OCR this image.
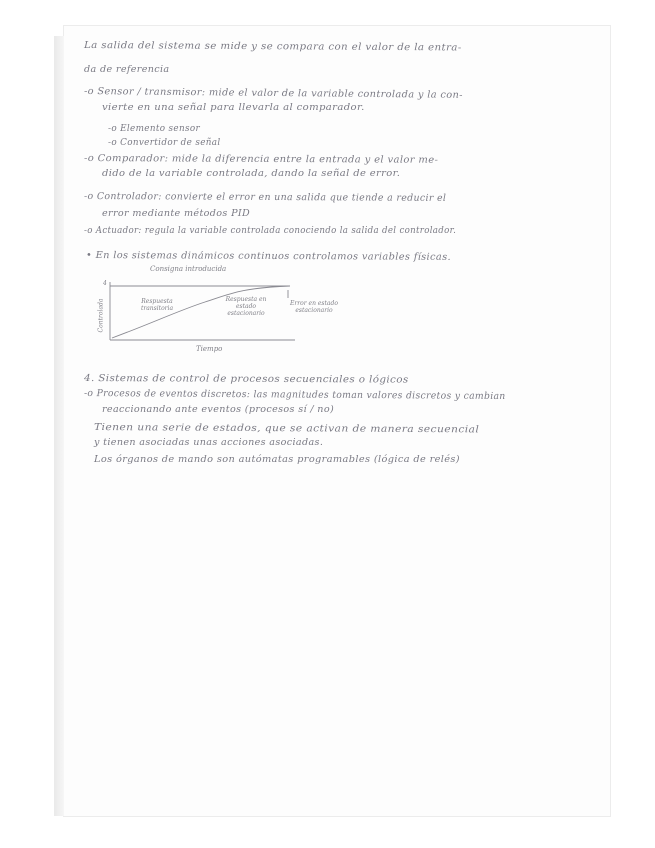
La salida del sistema se mide y se compara con el valor de la entra-
da de referencia
-o Sensor / transmisor: mide el valor de la variable controlada y la con-
vierte en una señal para llevarla al comparador.
-o Elemento sensor
-o Convertidor de señal
-o Comparador: mide la diferencia entre la entrada y el valor me-
dido de la variable controlada, dando la señal de error.
-o Controlador: convierte el error en una salida que tiende a reducir el
error mediante métodos PID
-o Actuador: regula la variable controlada conociendo la salida del controlador.
• En los sistemas dinámicos continuos controlamos variables físicas.
Consigna introducida
4
Controlada	Respuesta transitoria
Respuesta en estado estacionario
Error en estado estacionario
Tiempo
4. Sistemas de control de procesos secuenciales o lógicos
-o Procesos de eventos discretos: las magnitudes toman valores discretos y cambian
reaccionando ante eventos (procesos sí / no)
Tienen una serie de estados, que se activan de manera secuencial
y tienen asociadas unas acciones asociadas.
Los órganos de mando son autómatas programables (lógica de relés)
